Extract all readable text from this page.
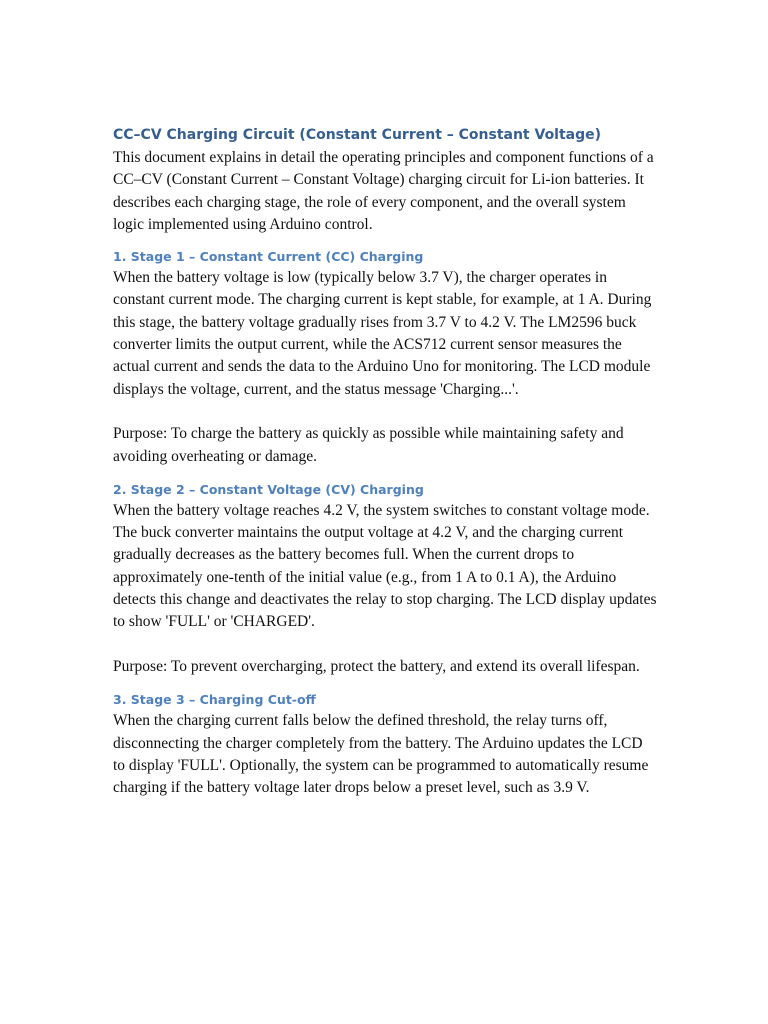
CC–CV Charging Circuit (Constant Current – Constant Voltage)

This document explains in detail the operating principles and component functions of a CC–CV (Constant Current – Constant Voltage) charging circuit for Li-ion batteries. It describes each charging stage, the role of every component, and the overall system logic implemented using Arduino control.

1. Stage 1 – Constant Current (CC) Charging

When the battery voltage is low (typically below 3.7 V), the charger operates in constant current mode. The charging current is kept stable, for example, at 1 A. During this stage, the battery voltage gradually rises from 3.7 V to 4.2 V. The LM2596 buck converter limits the output current, while the ACS712 current sensor measures the actual current and sends the data to the Arduino Uno for monitoring. The LCD module displays the voltage, current, and the status message 'Charging...'.

Purpose: To charge the battery as quickly as possible while maintaining safety and avoiding overheating or damage.

2. Stage 2 – Constant Voltage (CV) Charging

When the battery voltage reaches 4.2 V, the system switches to constant voltage mode. The buck converter maintains the output voltage at 4.2 V, and the charging current gradually decreases as the battery becomes full. When the current drops to approximately one-tenth of the initial value (e.g., from 1 A to 0.1 A), the Arduino detects this change and deactivates the relay to stop charging. The LCD display updates to show 'FULL' or 'CHARGED'.

Purpose: To prevent overcharging, protect the battery, and extend its overall lifespan.

3. Stage 3 – Charging Cut-off

When the charging current falls below the defined threshold, the relay turns off, disconnecting the charger completely from the battery. The Arduino updates the LCD to display 'FULL'. Optionally, the system can be programmed to automatically resume charging if the battery voltage later drops below a preset level, such as 3.9 V.
